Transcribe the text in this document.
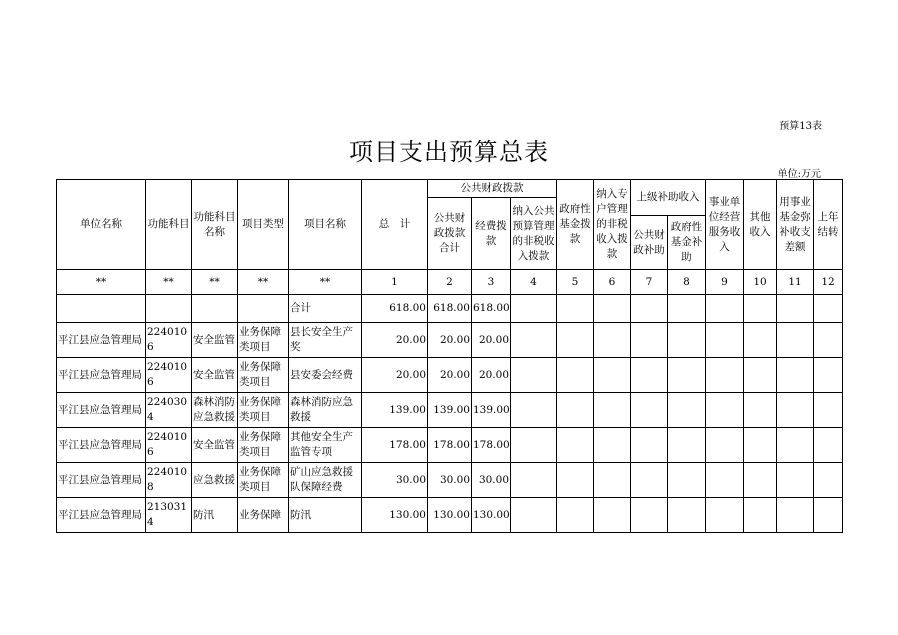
预算13表
项目支出预算总表
单位:万元
单位名称	功能科目	功能科目名称	项目类型	项目名称	总　计	公共财政拨款			政府性基金拨款	纳入专户管理的非税收入拨款	上级补助收入		事业单位经营服务收入	其他收入	用事业基金弥补收支差额	上年结转
						公共财政拨款合计	经费拨款	纳入公共预算管理的非税收入拨款								
											公共财政补助	政府性基金补助				
**	**	**	**	**	1	2	3	4	5	6	7	8	9	10	11	12
				合计	618.00	618.00	618.00									
平江县应急管理局	2240106	安全监管	业务保障类项目	县长安全生产奖	20.00	20.00	20.00									
平江县应急管理局	2240106	安全监管	业务保障类项目	县安委会经费	20.00	20.00	20.00									
平江县应急管理局	2240304	森林消防应急救援	业务保障类项目	森林消防应急救援	139.00	139.00	139.00									
平江县应急管理局	2240106	安全监管	业务保障类项目	其他安全生产监管专项	178.00	178.00	178.00									
平江县应急管理局	2240108	应急救援	业务保障类项目	矿山应急救援队保障经费	30.00	30.00	30.00									
平江县应急管理局	2130314	防汛	业务保障	防汛	130.00	130.00	130.00									
